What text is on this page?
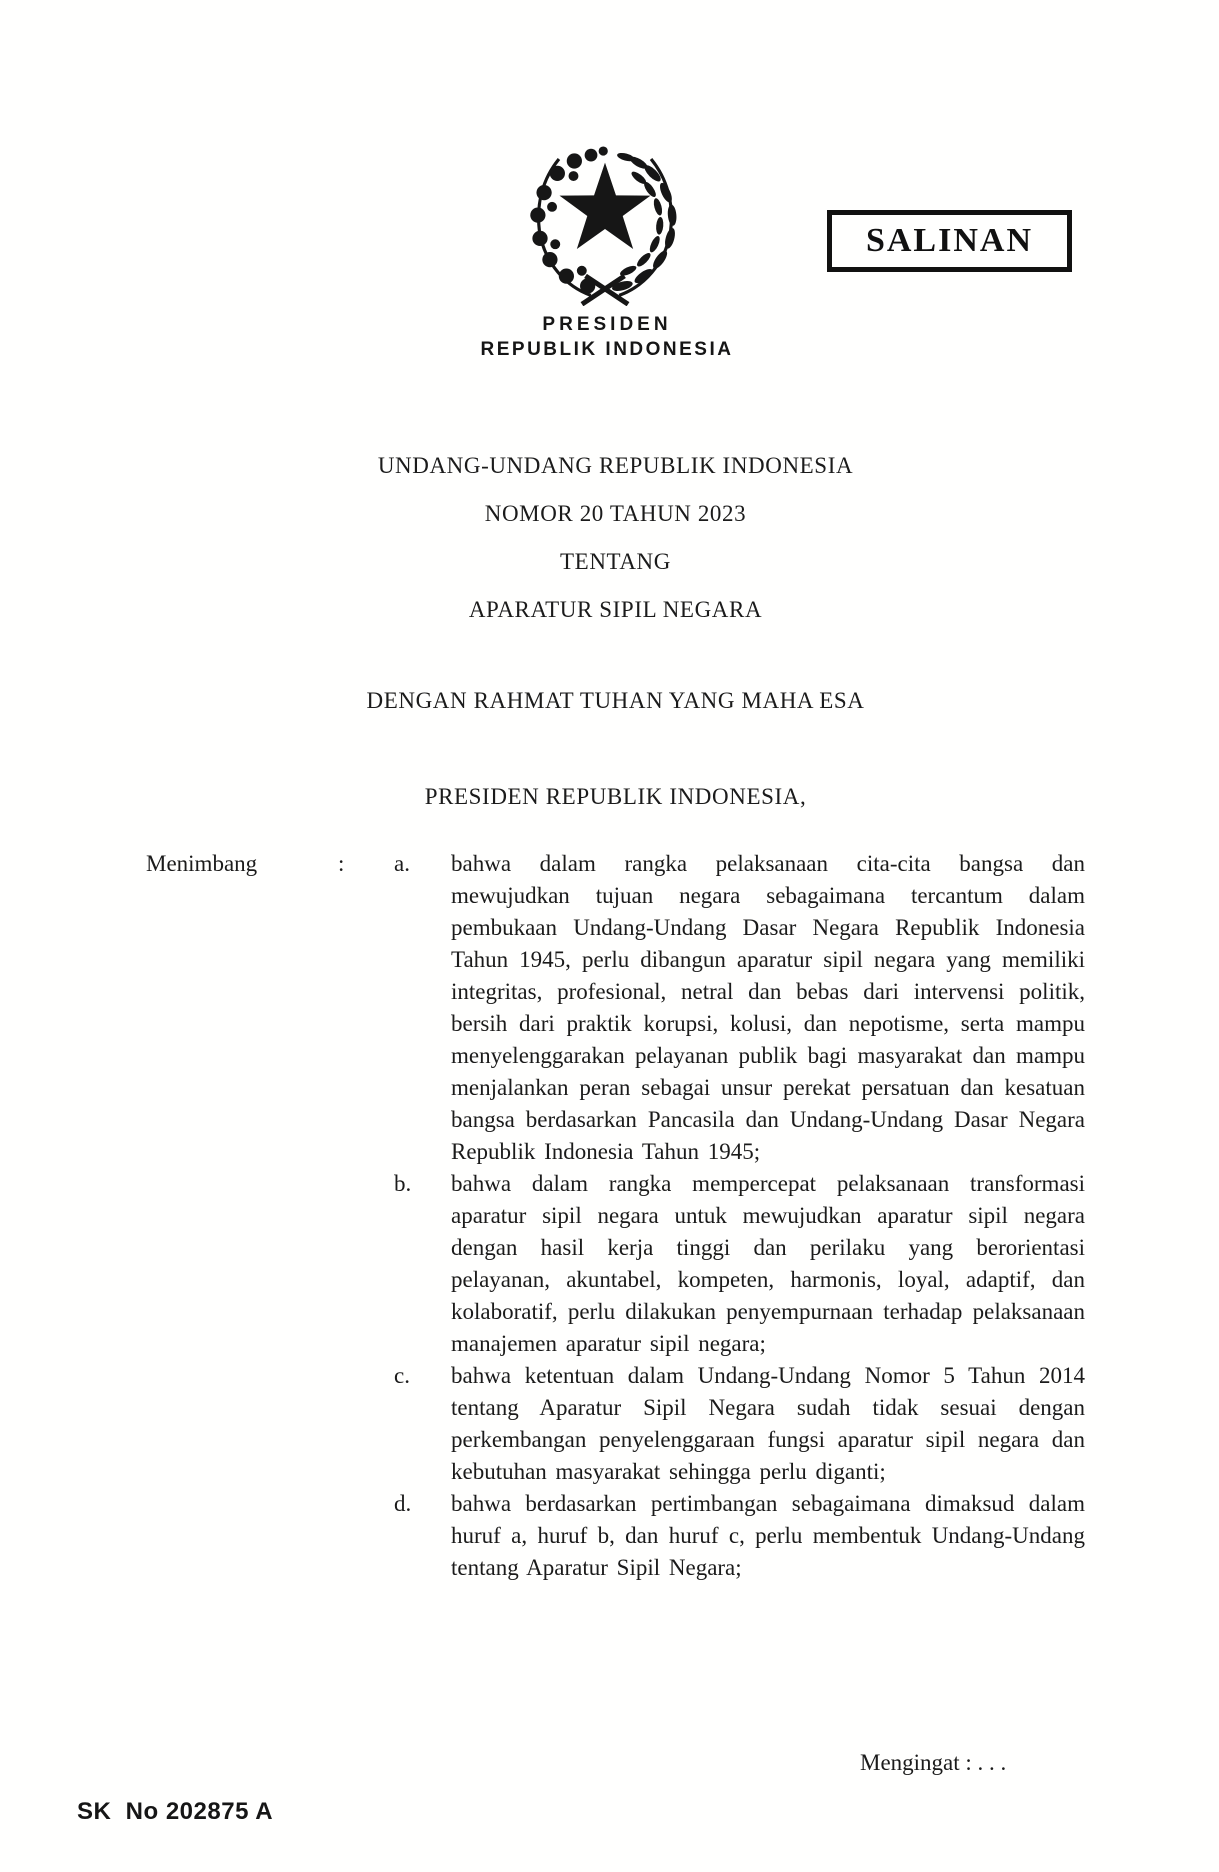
SALINAN
PRESIDEN
REPUBLIK INDONESIA
UNDANG-UNDANG REPUBLIK INDONESIA
NOMOR 20 TAHUN 2023
TENTANG
APARATUR SIPIL NEGARA
DENGAN RAHMAT TUHAN YANG MAHA ESA
PRESIDEN REPUBLIK INDONESIA,
Menimbang	:	a.	bahwa dalam rangka pelaksanaan cita-cita bangsa dan mewujudkan tujuan negara sebagaimana tercantum dalam pembukaan Undang-Undang Dasar Negara Republik Indonesia Tahun 1945, perlu dibangun aparatur sipil negara yang memiliki integritas, profesional, netral dan bebas dari intervensi politik, bersih dari praktik korupsi, kolusi, dan nepotisme, serta mampu menyelenggarakan pelayanan publik bagi masyarakat dan mampu menjalankan peran sebagai unsur perekat persatuan dan kesatuan bangsa berdasarkan Pancasila dan Undang-Undang Dasar Negara Republik Indonesia Tahun 1945;
b.	bahwa dalam rangka mempercepat pelaksanaan transformasi aparatur sipil negara untuk mewujudkan aparatur sipil negara dengan hasil kerja tinggi dan perilaku yang berorientasi pelayanan, akuntabel, kompeten, harmonis, loyal, adaptif, dan kolaboratif, perlu dilakukan penyempurnaan terhadap pelaksanaan manajemen aparatur sipil negara;
c.	bahwa ketentuan dalam Undang-Undang Nomor 5 Tahun 2014 tentang Aparatur Sipil Negara sudah tidak sesuai dengan perkembangan penyelenggaraan fungsi aparatur sipil negara dan kebutuhan masyarakat sehingga perlu diganti;
d.	bahwa berdasarkan pertimbangan sebagaimana dimaksud dalam huruf a, huruf b, dan huruf c, perlu membentuk Undang-Undang tentang Aparatur Sipil Negara;
Mengingat : . . .
SK  No 202875 A
